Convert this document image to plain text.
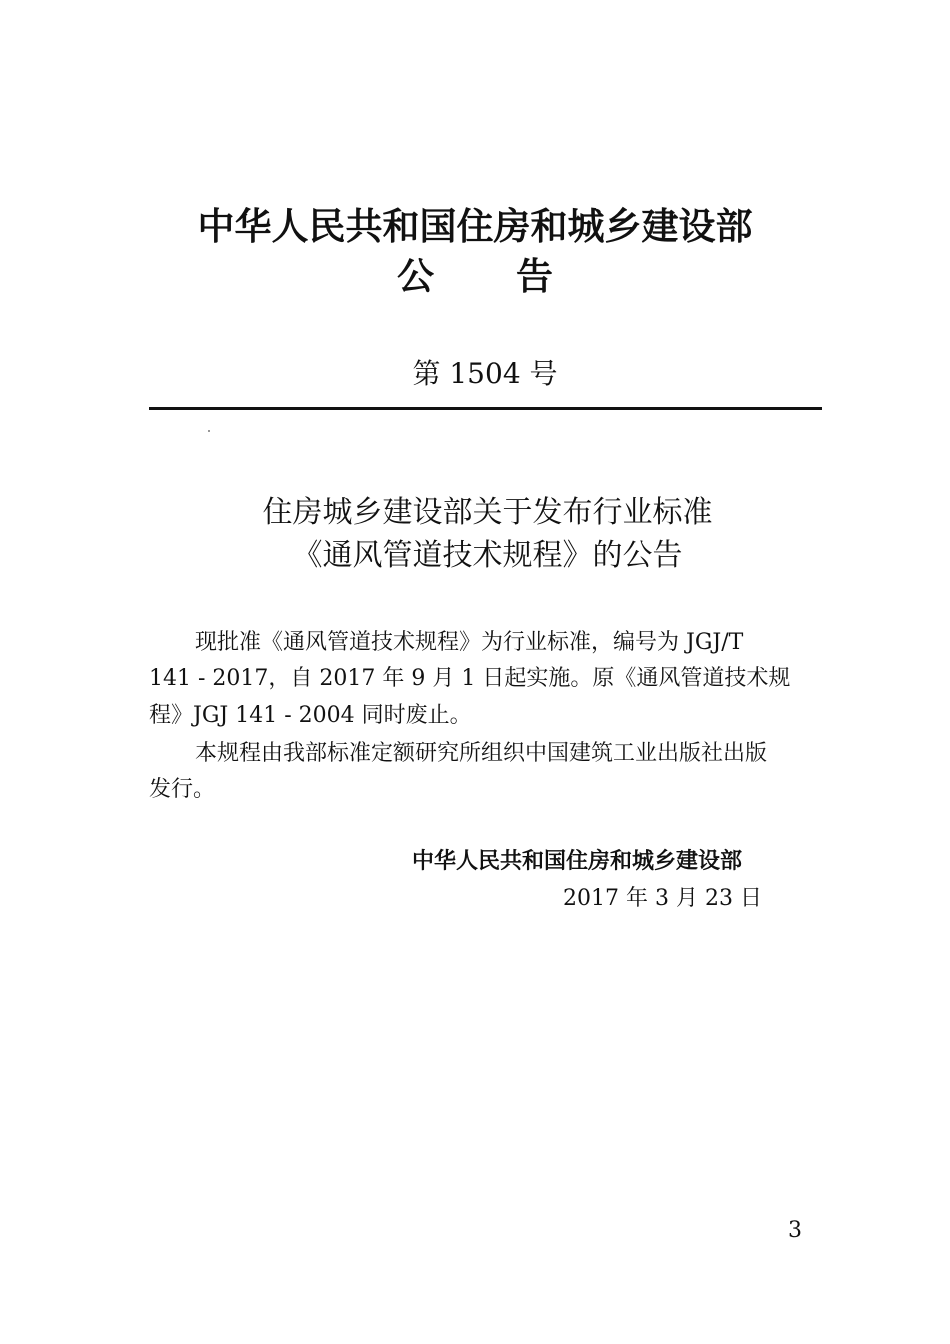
中华人民共和国住房和城乡建设部
公 告
第 1504 号
住房城乡建设部关于发布行业标准
《通风管道技术规程》的公告
现批准《通风管道技术规程》为行业标准，编号为 JGJ/T
141 - 2017，自 2017 年 9 月 1 日起实施。原《通风管道技术规
程》JGJ 141 - 2004 同时废止。
本规程由我部标准定额研究所组织中国建筑工业出版社出版
发行。
中华人民共和国住房和城乡建设部
2017 年 3 月 23 日
3
